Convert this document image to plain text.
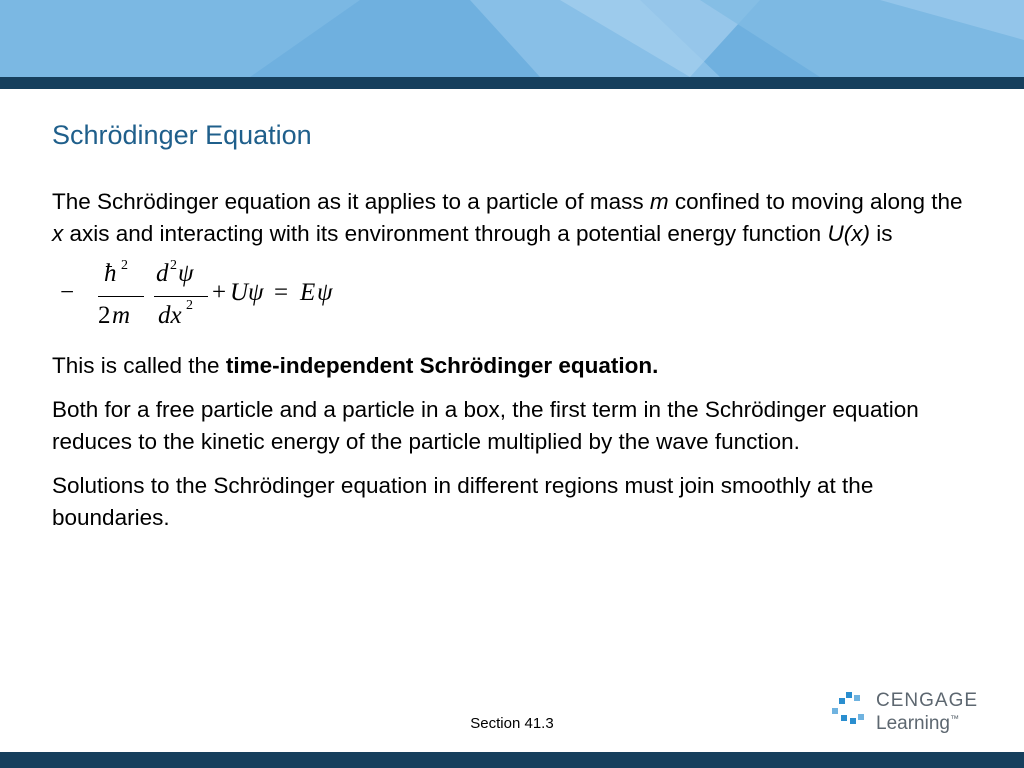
Schrödinger Equation

The Schrödinger equation as it applies to a particle of mass m confined to moving along the x axis and interacting with its environment through a potential energy function U(x) is

−
ħ 2
2 m
d 2 ψ
dx 2 + U ψ = E ψ

This is called the time-independent Schrödinger equation.

Both for a free particle and a particle in a box, the first term in the Schrödinger equation reduces to the kinetic energy of the particle multiplied by the wave function.

Solutions to the Schrödinger equation in different regions must join smoothly at the boundaries.

Section 41.3
CENGAGE
Learning™
